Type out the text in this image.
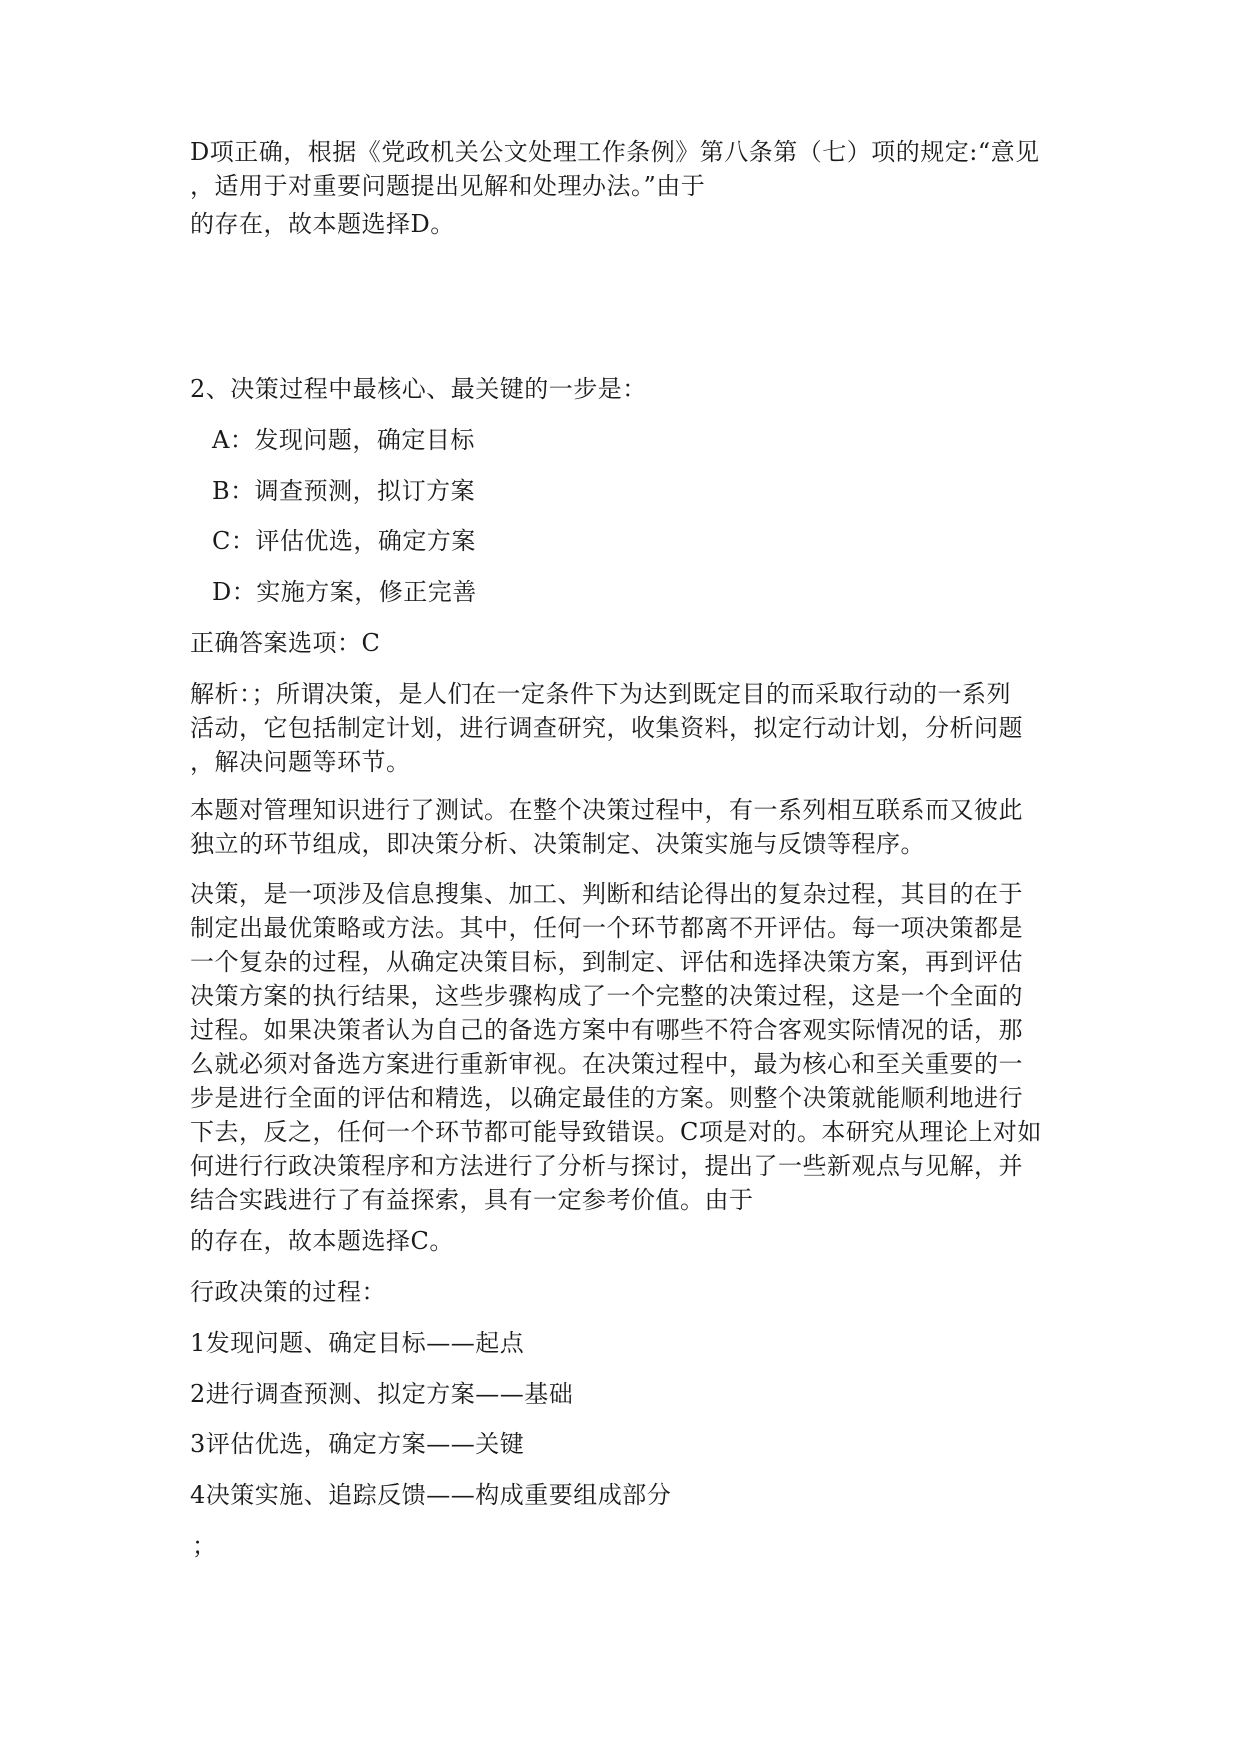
D项正确，根据《党政机关公文处理工作条例》第八条第（七）项的规定:“意见
，适用于对重要问题提出见解和处理办法。”由于
的存在，故本题选择D。
2、决策过程中最核心、最关键的一步是：
A：发现问题，确定目标
B：调查预测，拟订方案
C：评估优选，确定方案
D：实施方案，修正完善
正确答案选项：C
解析：；所谓决策，是人们在一定条件下为达到既定目的而采取行动的一系列
活动，它包括制定计划，进行调查研究，收集资料，拟定行动计划，分析问题
，解决问题等环节。
本题对管理知识进行了测试。在整个决策过程中，有一系列相互联系而又彼此
独立的环节组成，即决策分析、决策制定、决策实施与反馈等程序。
决策，是一项涉及信息搜集、加工、判断和结论得出的复杂过程，其目的在于
制定出最优策略或方法。其中，任何一个环节都离不开评估。每一项决策都是
一个复杂的过程，从确定决策目标，到制定、评估和选择决策方案，再到评估
决策方案的执行结果，这些步骤构成了一个完整的决策过程，这是一个全面的
过程。如果决策者认为自己的备选方案中有哪些不符合客观实际情况的话，那
么就必须对备选方案进行重新审视。在决策过程中，最为核心和至关重要的一
步是进行全面的评估和精选，以确定最佳的方案。则整个决策就能顺利地进行
下去，反之，任何一个环节都可能导致错误。C项是对的。本研究从理论上对如
何进行行政决策程序和方法进行了分析与探讨，提出了一些新观点与见解，并
结合实践进行了有益探索，具有一定参考价值。由于
的存在，故本题选择C。
行政决策的过程：
1发现问题、确定目标——起点
2进行调查预测、拟定方案——基础
3评估优选，确定方案——关键
4决策实施、追踪反馈——构成重要组成部分
；
